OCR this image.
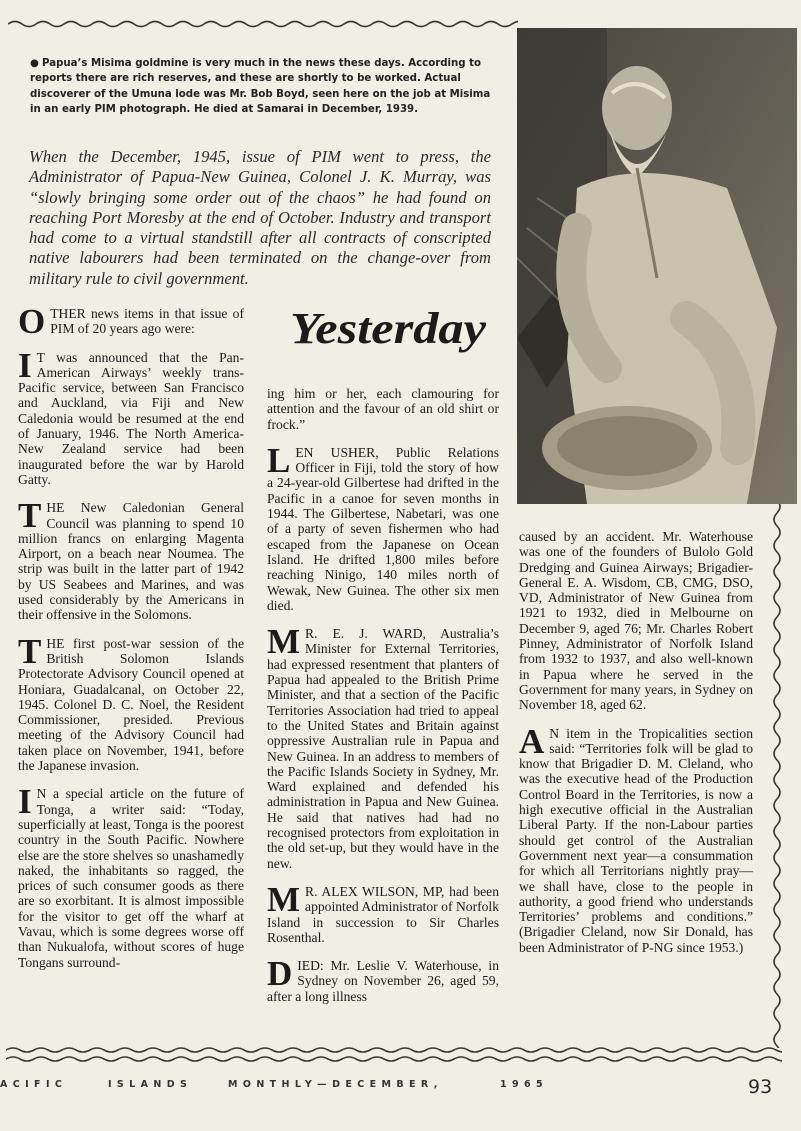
● Papua’s Misima goldmine is very much in the news these days. According to reports there are rich reserves, and these are shortly to be worked. Actual discoverer of the Umuna lode was Mr. Bob Boyd, seen here on the job at Misima in an early PIM photograph. He died at Samarai in December, 1939.
When the December, 1945, issue of PIM went to press, the Administrator of Papua-New Guinea, Colonel J. K. Murray, was “slowly bringing some order out of the chaos” he had found on reaching Port Moresby at the end of October. Industry and transport had come to a virtual standstill after all contracts of conscripted native labourers had been terminated on the change-over from military rule to civil government.
Yesterday

OTHER news items in that issue of PIM of 20 years ago were:

I T was announced that the Pan-American Airways’ weekly trans-Pacific service, between San Francisco and Auckland, via Fiji and New Caledonia would be resumed at the end of January, 1946. The North America-New Zealand service had been inaugurated before the war by Harold Gatty.

THE New Caledonian General Council was planning to spend 10 million francs on enlarging Magenta Airport, on a beach near Noumea. The strip was built in the latter part of 1942 by US Seabees and Marines, and was used considerably by the Americans in their offensive in the Solomons.

THE first post-war session of the British Solomon Islands Protectorate Advisory Council opened at Honiara, Guadalcanal, on October 22, 1945. Colonel D. C. Noel, the Resident Commissioner, presided. Previous meeting of the Advisory Council had taken place on November, 1941, before the Japanese invasion.

I N a special article on the future of Tonga, a writer said: “Today, superficially at least, Tonga is the poorest country in the South Pacific. Nowhere else are the store shelves so unashamedly naked, the inhabitants so ragged, the prices of such consumer goods as there are so exorbitant. It is almost impossible for the visitor to get off the wharf at Vavau, which is some degrees worse off than Nukualofa, without scores of huge Tongans surround-

ing him or her, each clamouring for attention and the favour of an old shirt or frock.”

LEN USHER, Public Relations Officer in Fiji, told the story of how a 24-year-old Gilbertese had drifted in the Pacific in a canoe for seven months in 1944. The Gilbertese, Nabetari, was one of a party of seven fishermen who had escaped from the Japanese on Ocean Island. He drifted 1,800 miles before reaching Ninigo, 140 miles north of Wewak, New Guinea. The other six men died.

M R. E. J. WARD, Australia’s Minister for External Territories, had expressed resentment that planters of Papua had appealed to the British Prime Minister, and that a section of the Pacific Territories Association had tried to appeal to the United States and Britain against oppressive Australian rule in Papua and New Guinea. In an address to members of the Pacific Islands Society in Sydney, Mr. Ward explained and defended his administration in Papua and New Guinea. He said that natives had had no recognised protectors from exploitation in the old set-up, but they would have in the new.

M R. ALEX WILSON, MP, had been appointed Administrator of Norfolk Island in succession to Sir Charles Rosenthal.

DIED: Mr. Leslie V. Waterhouse, in Sydney on November 26, aged 59, after a long illness

caused by an accident. Mr. Waterhouse was one of the founders of Bulolo Gold Dredging and Guinea Airways; Brigadier-General E. A. Wisdom, CB, CMG, DSO, VD, Administrator of New Guinea from 1921 to 1932, died in Melbourne on December 9, aged 76; Mr. Charles Robert Pinney, Administrator of Norfolk Island from 1932 to 1937, and also well-known in Papua where he served in the Government for many years, in Sydney on November 18, aged 62.

A N item in the Tropicalities section said: “Territories folk will be glad to know that Brigadier D. M. Cleland, who was the executive head of the Production Control Board in the Territories, is now a high executive official in the Australian Liberal Party. If the non-Labour parties should get control of the Australian Government next year—a consummation for which all Territorians nightly pray—we shall have, close to the people in authority, a good friend who understands Territories’ problems and conditions.” (Brigadier Cleland, now Sir Donald, has been Administrator of P-NG since 1953.)

ACIFIC	ISLANDS	MONTHLY—DECEMBER,	1965	93
